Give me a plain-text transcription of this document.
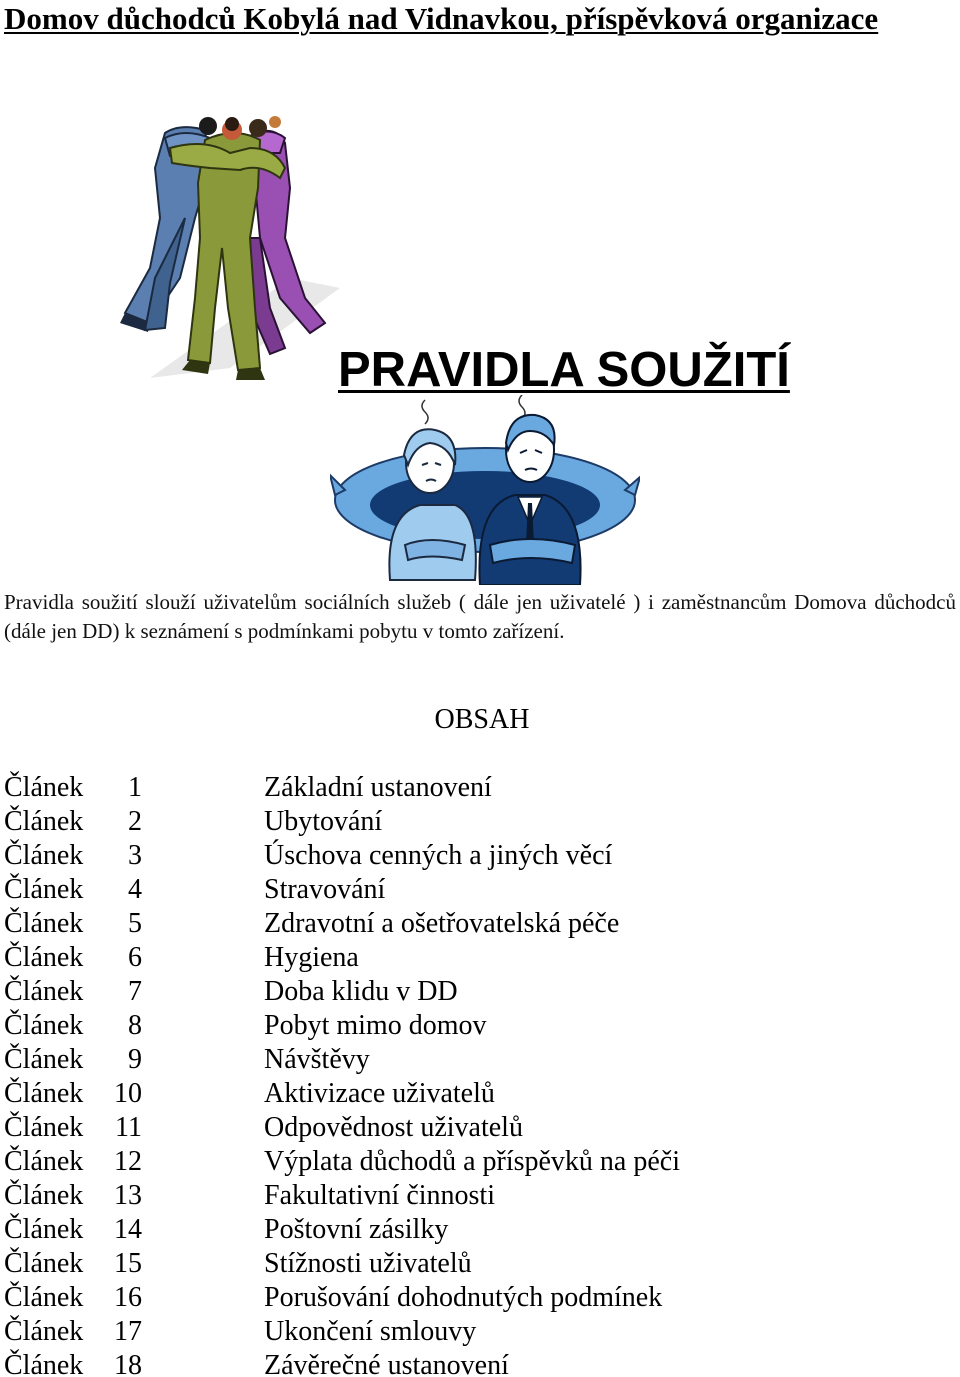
Domov důchodců Kobylá nad Vidnavkou, příspěvková organizace
PRAVIDLA SOUŽITÍ

Pravidla soužití slouží uživatelům sociálních služeb ( dále jen uživatelé ) i zaměstnancům Domova důchodců (dále jen DD) k seznámení s podmínkami pobytu v tomto zařízení.

OBSAH
Článek	1	Základní ustanovení
Článek	2	Ubytování
Článek	3	Úschova cenných a jiných věcí
Článek	4	Stravování
Článek	5	Zdravotní a ošetřovatelská péče
Článek	6	Hygiena
Článek	7	Doba klidu v DD
Článek	8	Pobyt mimo domov
Článek	9	Návštěvy
Článek	10	Aktivizace uživatelů
Článek	11	Odpovědnost uživatelů
Článek	12	Výplata důchodů a příspěvků na péči
Článek	13	Fakultativní činnosti
Článek	14	Poštovní zásilky
Článek	15	Stížnosti uživatelů
Článek	16	Porušování dohodnutých podmínek
Článek	17	Ukončení smlouvy
Článek	18	Závěrečné ustanovení
